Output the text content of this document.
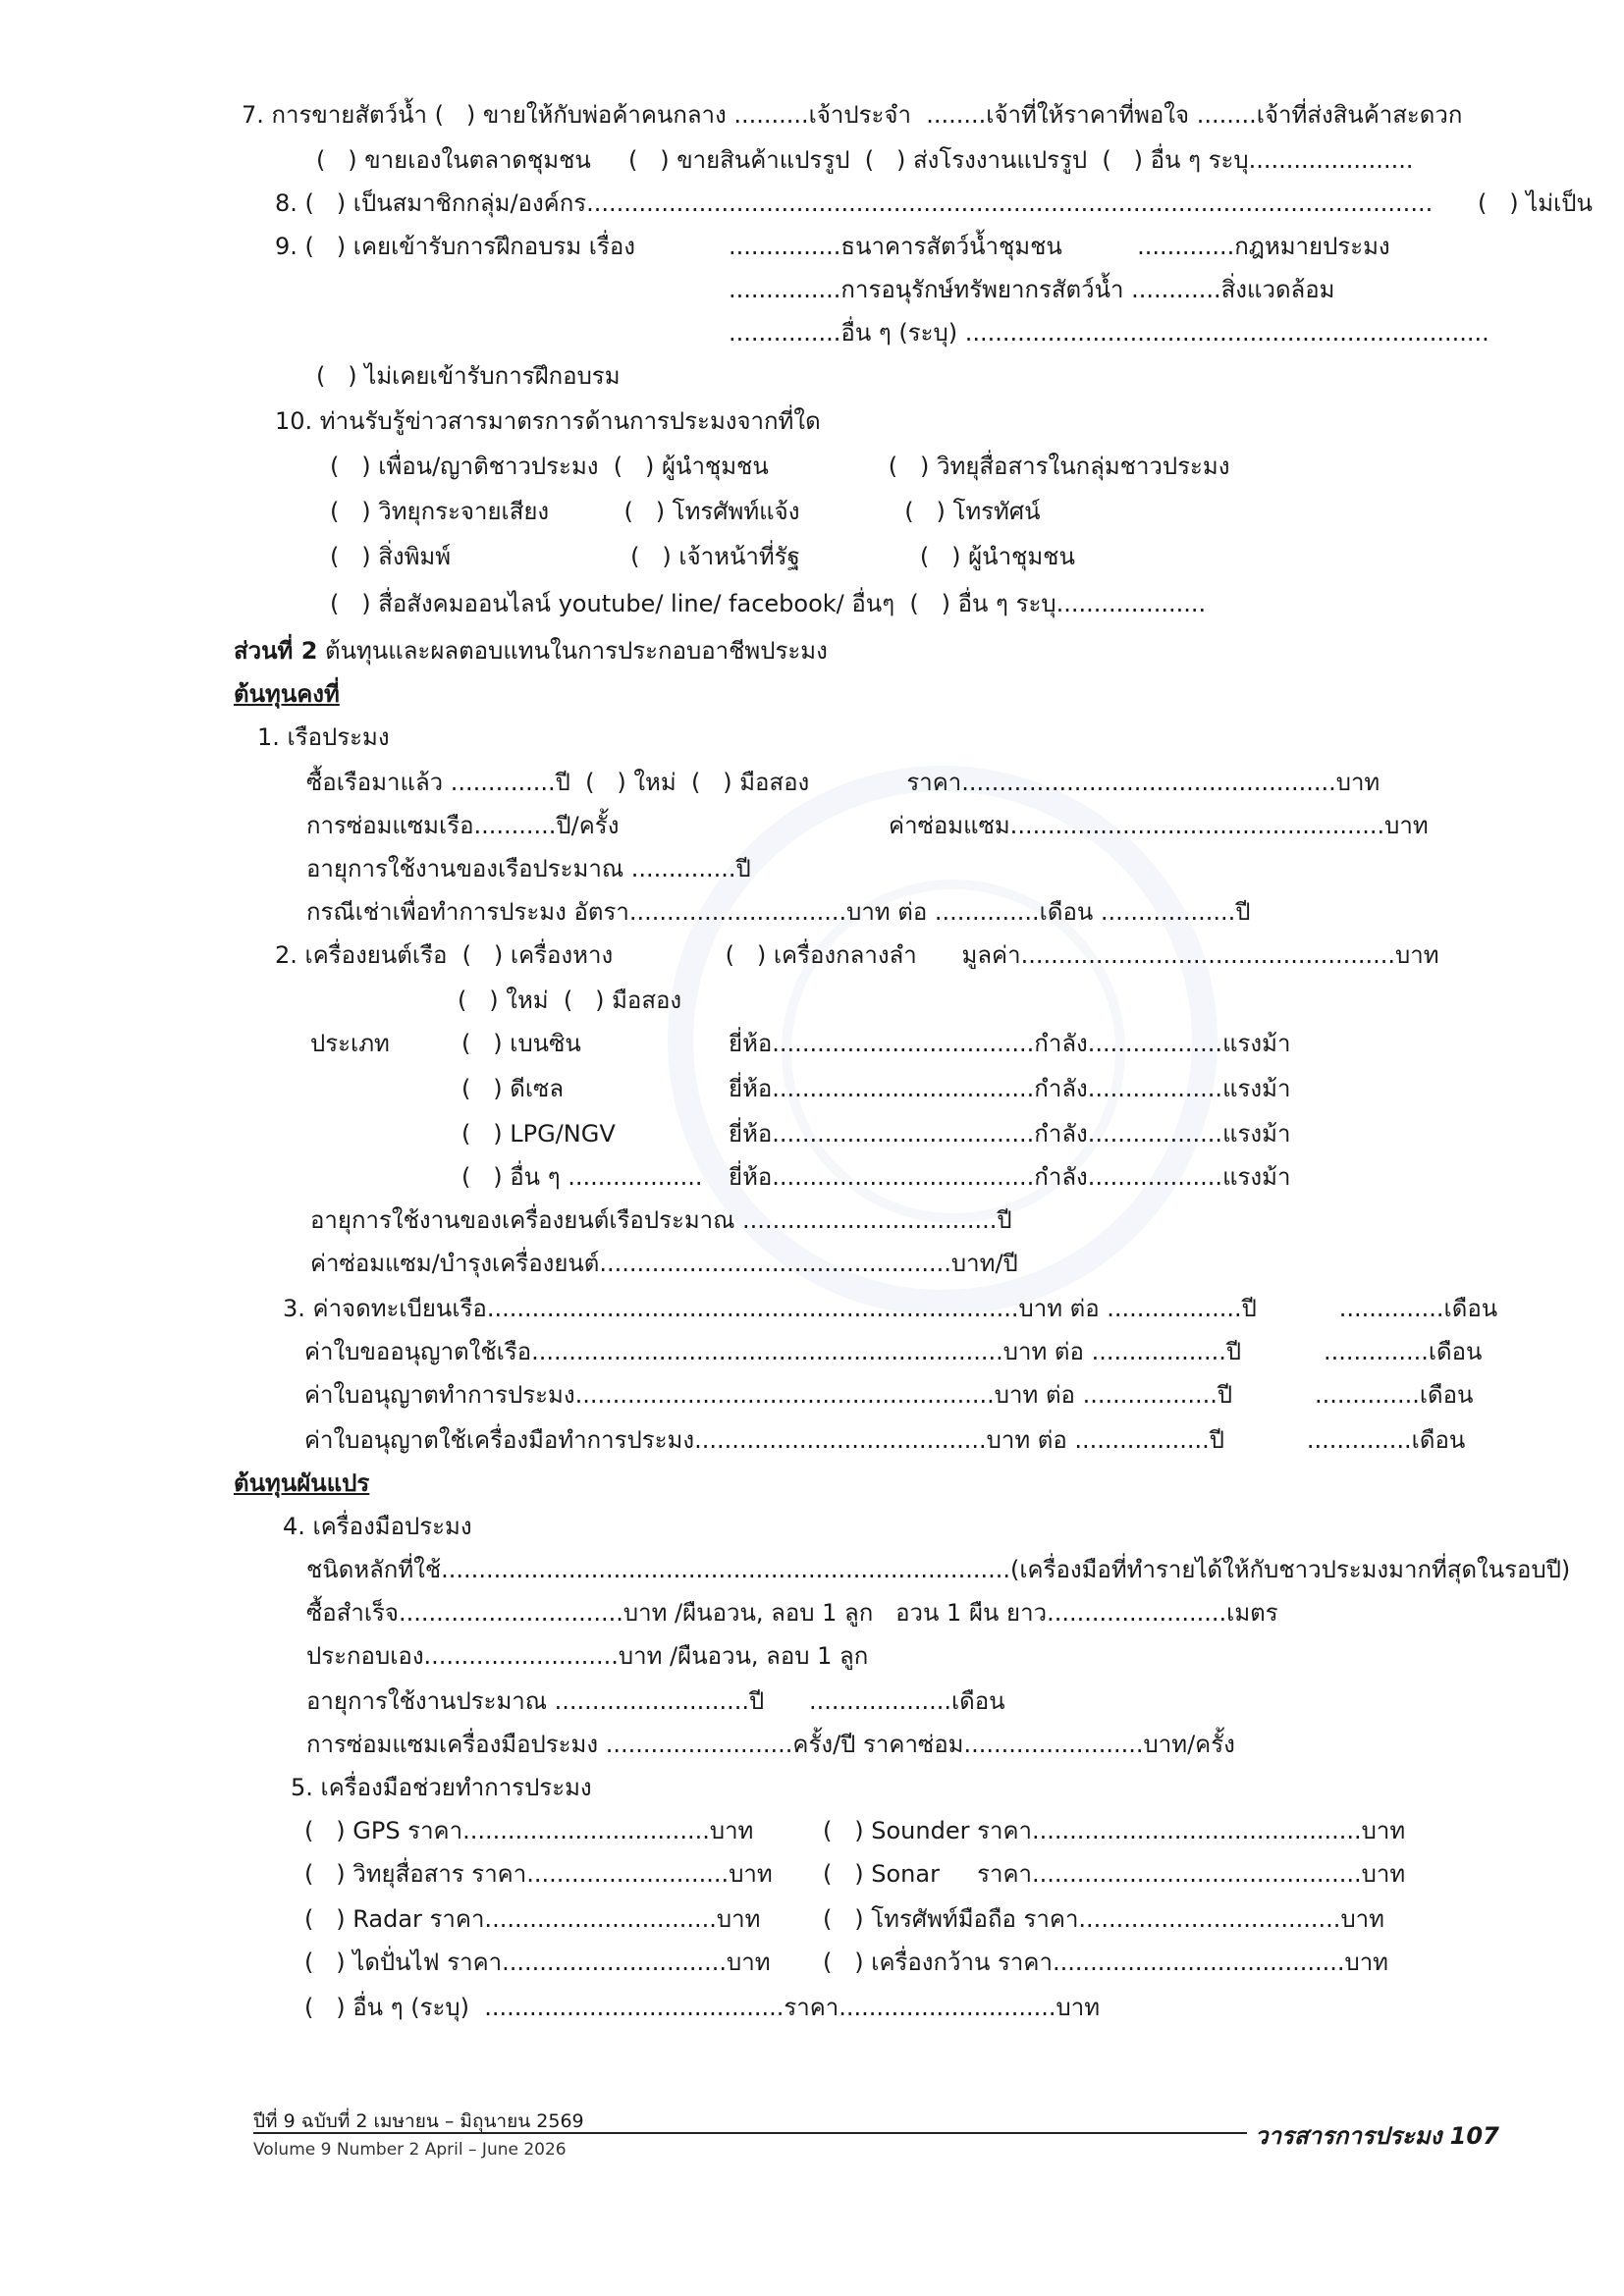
7. การขายสัตว์น้ำ (   ) ขายให้กับพ่อค้าคนกลาง ..........เจ้าประจำ  ........เจ้าที่ให้ราคาที่พอใจ ........เจ้าที่ส่งสินค้าสะดวก
(   ) ขายเองในตลาดชุมชน     (   ) ขายสินค้าแปรรูป  (   ) ส่งโรงงานแปรรูป  (   ) อื่น ๆ ระบุ......................
8. (   ) เป็นสมาชิกกลุ่ม/องค์กร.................................................................................................................      (   ) ไม่เป็น
9. (   ) เคยเข้ารับการฝึกอบรม เรื่อง	...............ธนาคารสัตว์น้ำชุมชน          .............กฎหมายประมง
...............การอนุรักษ์ทรัพยากรสัตว์น้ำ ............สิ่งแวดล้อม
...............อื่น ๆ (ระบุ) ......................................................................
(   ) ไม่เคยเข้ารับการฝึกอบรม
10. ท่านรับรู้ข่าวสารมาตรการด้านการประมงจากที่ใด
(   ) เพื่อน/ญาติชาวประมง  (   ) ผู้นำชุมชน                (   ) วิทยุสื่อสารในกลุ่มชาวประมง
(   ) วิทยุกระจายเสียง          (   ) โทรศัพท์แจ้ง              (   ) โทรทัศน์
(   ) สิ่งพิมพ์                        (   ) เจ้าหน้าที่รัฐ                (   ) ผู้นำชุมชน
(   ) สื่อสังคมออนไลน์ youtube/ line/ facebook/ อื่นๆ  (   ) อื่น ๆ ระบุ....................
ส่วนที่ 2 ต้นทุนและผลตอบแทนในการประกอบอาชีพประมง
ต้นทุนคงที่
1. เรือประมง
ซื้อเรือมาแล้ว ..............ปี  (   ) ใหม่  (   ) มือสอง             ราคา..................................................บาท
การซ่อมแซมเรือ...........ปี/ครั้ง                                    ค่าซ่อมแซม..................................................บาท
อายุการใช้งานของเรือประมาณ ..............ปี
กรณีเช่าเพื่อทำการประมง อัตรา.............................บาท ต่อ ..............เดือน ..................ปี
2. เครื่องยนต์เรือ  (   ) เครื่องหาง               (   ) เครื่องกลางลำ      มูลค่า..................................................บาท
(   ) ใหม่  (   ) มือสอง
ประเภท	(   ) เบนซิน	ยี่ห้อ...................................กำลัง..................แรงม้า
(   ) ดีเซล	ยี่ห้อ...................................กำลัง..................แรงม้า
(   ) LPG/NGV	ยี่ห้อ...................................กำลัง..................แรงม้า
(   ) อื่น ๆ .................. ยี่ห้อ...................................กำลัง..................แรงม้า
อายุการใช้งานของเครื่องยนต์เรือประมาณ ..................................ปี
ค่าซ่อมแซม/บำรุงเครื่องยนต์...............................................บาท/ปี
3. ค่าจดทะเบียนเรือ.......................................................................บาท ต่อ ..................ปี           ..............เดือน
ค่าใบขออนุญาตใช้เรือ...............................................................บาท ต่อ ..................ปี           ..............เดือน
ค่าใบอนุญาตทำการประมง........................................................บาท ต่อ ..................ปี           ..............เดือน
ค่าใบอนุญาตใช้เครื่องมือทำการประมง.......................................บาท ต่อ ..................ปี           ..............เดือน
ต้นทุนผันแปร
4. เครื่องมือประมง
ชนิดหลักที่ใช้............................................................................(เครื่องมือที่ทำรายได้ให้กับชาวประมงมากที่สุดในรอบปี)
ซื้อสำเร็จ..............................บาท /ผืนอวน, ลอบ 1 ลูก   อวน 1 ผืน ยาว........................เมตร
ประกอบเอง..........................บาท /ผืนอวน, ลอบ 1 ลูก
อายุการใช้งานประมาณ ..........................ปี      ...................เดือน
การซ่อมแซมเครื่องมือประมง .........................ครั้ง/ปี ราคาซ่อม........................บาท/ครั้ง
5. เครื่องมือช่วยทำการประมง
(   ) GPS ราคา.................................บาท	(   ) Sounder ราคา............................................บาท
(   ) วิทยุสื่อสาร ราคา...........................บาท (   ) Sonar     ราคา............................................บาท
(   ) Radar ราคา...............................บาท	(   ) โทรศัพท์มือถือ ราคา...................................บาท
(   ) ไดปั่นไฟ ราคา..............................บาท (   ) เครื่องกว้าน ราคา.......................................บาท
(   ) อื่น ๆ (ระบุ)  ........................................ราคา.............................บาท
ปีที่ 9 ฉบับที่ 2 เมษายน – มิถุนายน 2569
วารสารการประมง 107
Volume 9 Number 2 April – June 2026
